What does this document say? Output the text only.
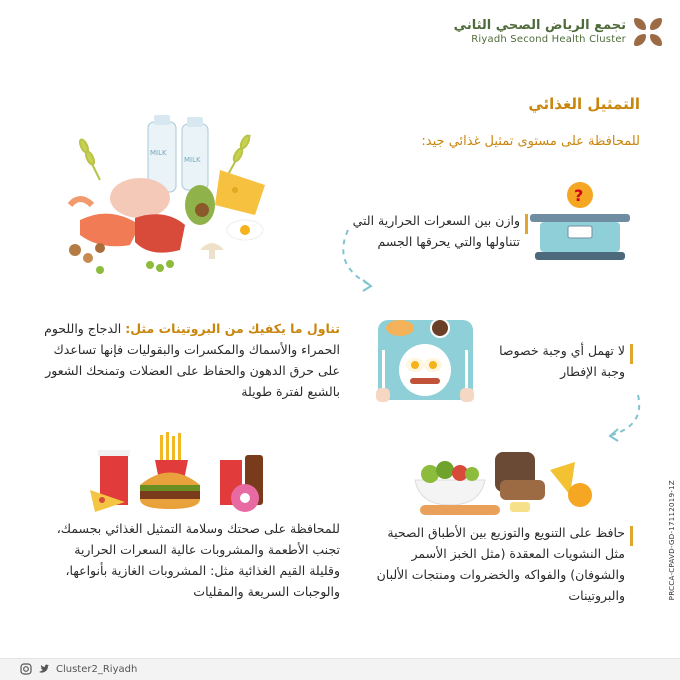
تجمع الرياض الصحي الثاني
Riyadh Second Health Cluster
التمثيل الغذائي
للمحافظة على مستوى تمثيل غذائي جيد:
MILK
MILK
?
وازن بين السعرات الحرارية التي تتناولها والتي يحرقها الجسم
تناول ما يكفيك من البروتينات مثل: الدجاج واللحوم الحمراء والأسماك والمكسرات والبقوليات فإنها تساعدك على حرق الدهون والحفاظ على العضلات وتمنحك الشعور بالشبع لفترة طويلة
لا تهمل أي وجبة خصوصا وجبة الإفطار
للمحافظة على صحتك وسلامة التمثيل الغذائي بجسمك، تجنب الأطعمة والمشروبات عالية السعرات الحرارية وقليلة القيم الغذائية مثل: المشروبات الغازية بأنواعها، والوجبات السريعة والمقليات
حافظ على التنويع والتوزيع بين الأطباق الصحية مثل النشويات المعقدة (مثل الخبز الأسمر والشوفان) والفواكه والخضروات ومنتجات الألبان والبروتينات	PRCCA-CPAVD-GD-17112019-1Z
Cluster2_Riyadh
